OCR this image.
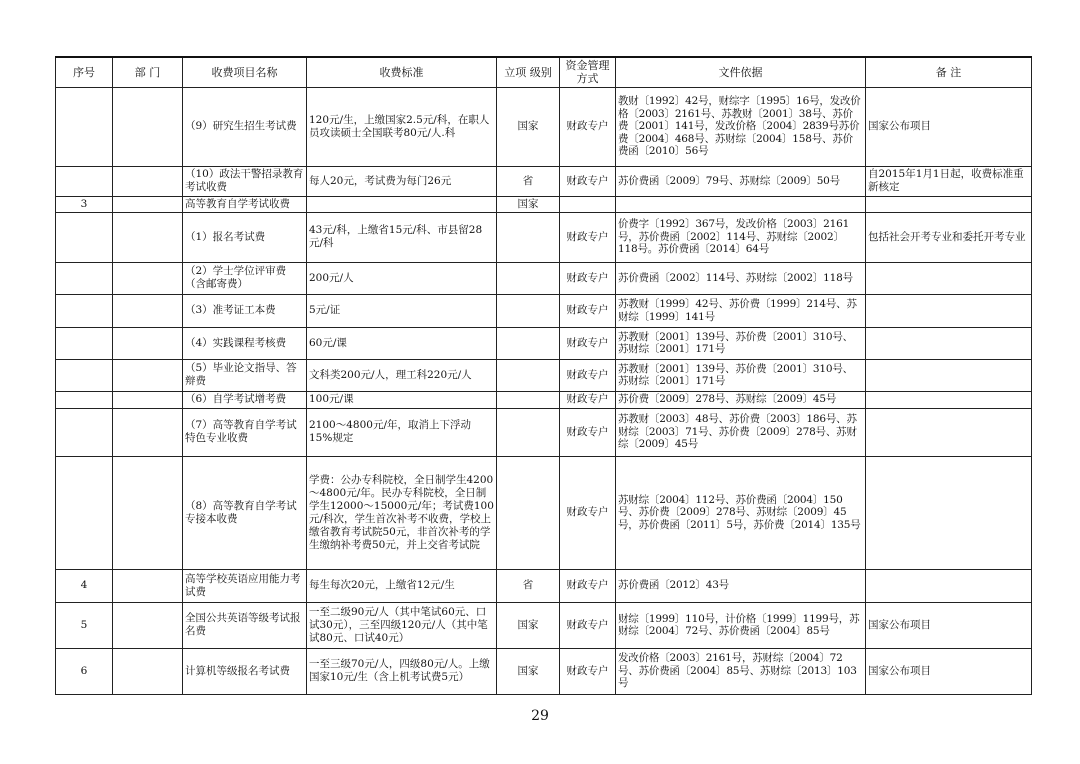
序号	部 门	收费项目名称	收费标准	立项 级别	资金管理方式	文件依据	备 注
		（9）研究生招生考试费	120元/生，上缴国家2.5元/科，在职人员攻读硕士全国联考80元/人.科	国家	财政专户	教财〔1992〕42号，财综字〔1995〕16号，发改价格〔2003〕2161号、苏教财〔2001〕38号、苏价费〔2001〕141号，发改价格〔2004〕2839号苏价费〔2004〕468号、苏财综〔2004〕158号、苏价费函〔2010〕56号	国家公布项目
		（10）政法干警招录教育考试收费	每人20元，考试费为每门26元	省	财政专户	苏价费函〔2009〕79号、苏财综〔2009〕50号	自2015年1月1日起，收费标准重新核定
3		高等教育自学考试收费		国家			
		（1）报名考试费	43元/科，上缴省15元/科、市县留28元/科		财政专户	价费字〔1992〕367号，发改价格〔2003〕2161号，苏价费函〔2002〕114号、苏财综〔2002〕118号。苏价费函〔2014〕64号	包括社会开考专业和委托开考专业
		（2）学士学位评审费（含邮寄费）	200元/人		财政专户	苏价费函〔2002〕114号、苏财综〔2002〕118号	
		（3）准考证工本费	5元/证		财政专户	苏教财〔1999〕42号、苏价费〔1999〕214号、苏财综〔1999〕141号	
		（4）实践课程考核费	60元/课		财政专户	苏教财〔2001〕139号、苏价费〔2001〕310号、苏财综〔2001〕171号	
		（5）毕业论文指导、答辩费	文科类200元/人，理工科220元/人		财政专户	苏教财〔2001〕139号、苏价费〔2001〕310号、苏财综〔2001〕171号	
		（6）自学考试增考费	100元/课		财政专户	苏价费〔2009〕278号、苏财综〔2009〕45号	
		（7）高等教育自学考试特色专业收费	2100～4800元/年，取消上下浮动15%规定		财政专户	苏教财〔2003〕48号、苏价费〔2003〕186号、苏财综〔2003〕71号、苏价费〔2009〕278号、苏财综〔2009〕45号	
		（8）高等教育自学考试专接本收费	学费：公办专科院校，全日制学生4200～4800元/年。民办专科院校，全日制学生12000～15000元/年；考试费100元/科次，学生首次补考不收费，学校上缴省教育考试院50元，非首次补考的学生缴纳补考费50元，并上交省考试院		财政专户	苏财综〔2004〕112号、苏价费函〔2004〕150号、苏价费〔2009〕278号、苏财综〔2009〕45号，苏价费函〔2011〕5号，苏价费〔2014〕135号	
4		高等学校英语应用能力考试费	每生每次20元，上缴省12元/生	省	财政专户	苏价费函〔2012〕43号	
5		全国公共英语等级考试报名费	一至二级90元/人（其中笔试60元、口试30元），三至四级120元/人（其中笔试80元、口试40元）	国家	财政专户	财综〔1999〕110号，计价格〔1999〕1199号，苏财综〔2004〕72号、苏价费函〔2004〕85号	国家公布项目
6		计算机等级报名考试费	一至三级70元/人，四级80元/人。上缴国家10元/生（含上机考试费5元）	国家	财政专户	发改价格〔2003〕2161号，苏财综〔2004〕72号、苏价费函〔2004〕85号、苏财综〔2013〕103号	国家公布项目
29
